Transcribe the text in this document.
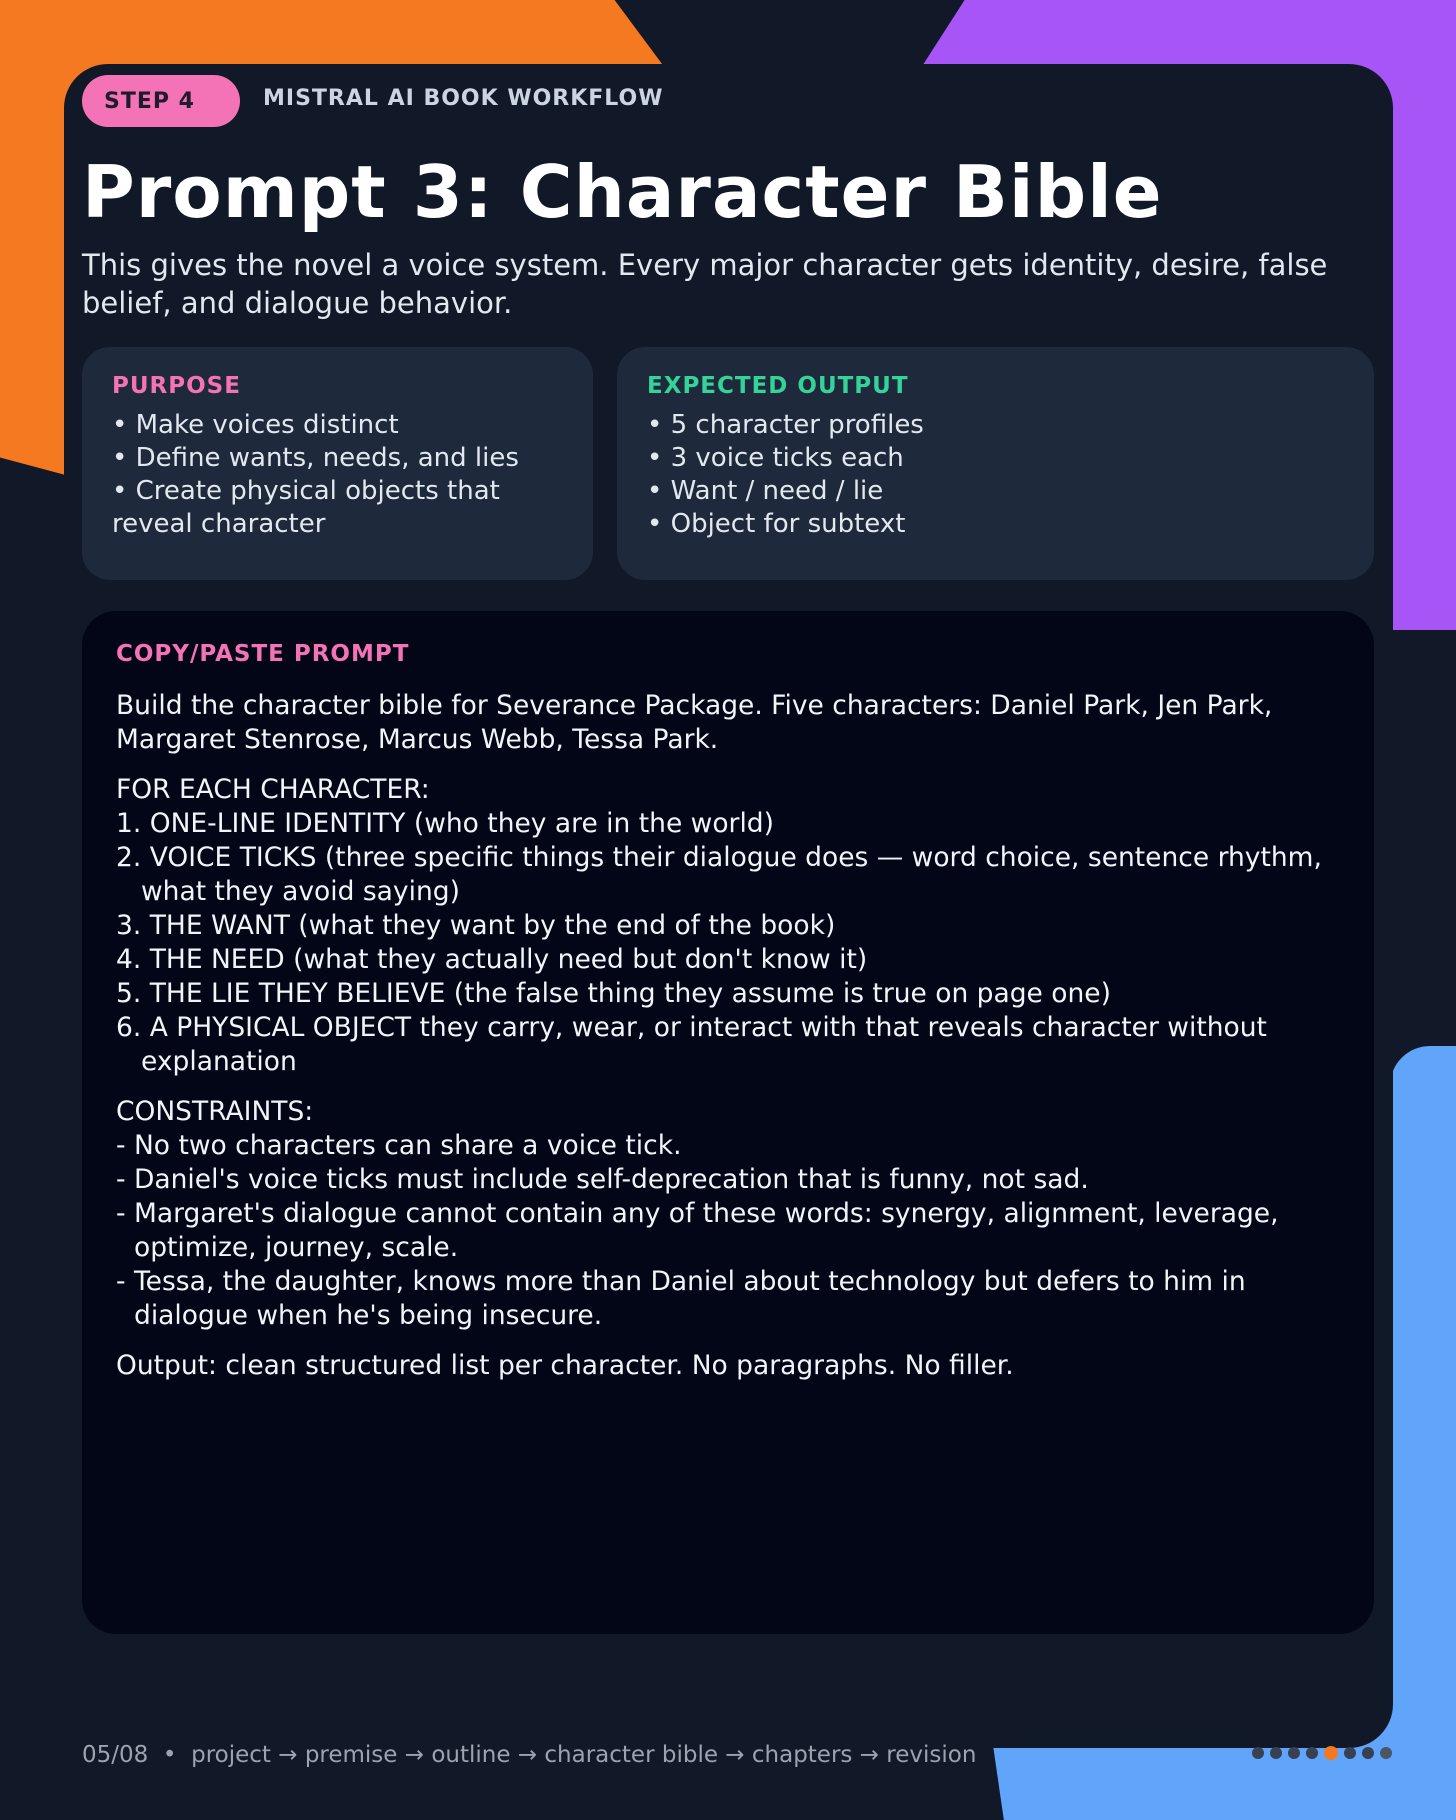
STEP 4	MISTRAL AI BOOK WORKFLOW
Prompt 3: Character Bible

This gives the novel a voice system. Every major character gets identity, desire, false belief, and dialogue behavior.

PURPOSE
• Make voices distinct
• Define wants, needs, and lies
• Create physical objects that reveal character
EXPECTED OUTPUT
• 5 character profiles
• 3 voice ticks each
• Want / need / lie
• Object for subtext
COPY/PASTE PROMPT

Build the character bible for Severance Package. Five characters: Daniel Park, Jen Park, Margaret Stenrose, Marcus Webb, Tessa Park.

FOR EACH CHARACTER:
1. ONE-LINE IDENTITY (who they are in the world)
2. VOICE TICKS (three specific things their dialogue does — word choice, sentence rhythm,
what they avoid saying)
3. THE WANT (what they want by the end of the book)
4. THE NEED (what they actually need but don't know it)
5. THE LIE THEY BELIEVE (the false thing they assume is true on page one)
6. A PHYSICAL OBJECT they carry, wear, or interact with that reveals character without
explanation
CONSTRAINTS:
- No two characters can share a voice tick.
- Daniel's voice ticks must include self-deprecation that is funny, not sad.
- Margaret's dialogue cannot contain any of these words: synergy, alignment, leverage,
optimize, journey, scale.
- Tessa, the daughter, knows more than Daniel about technology but defers to him in
dialogue when he's being insecure.

Output: clean structured list per character. No paragraphs. No filler.

05/08  •  project → premise → outline → character bible → chapters → revision
